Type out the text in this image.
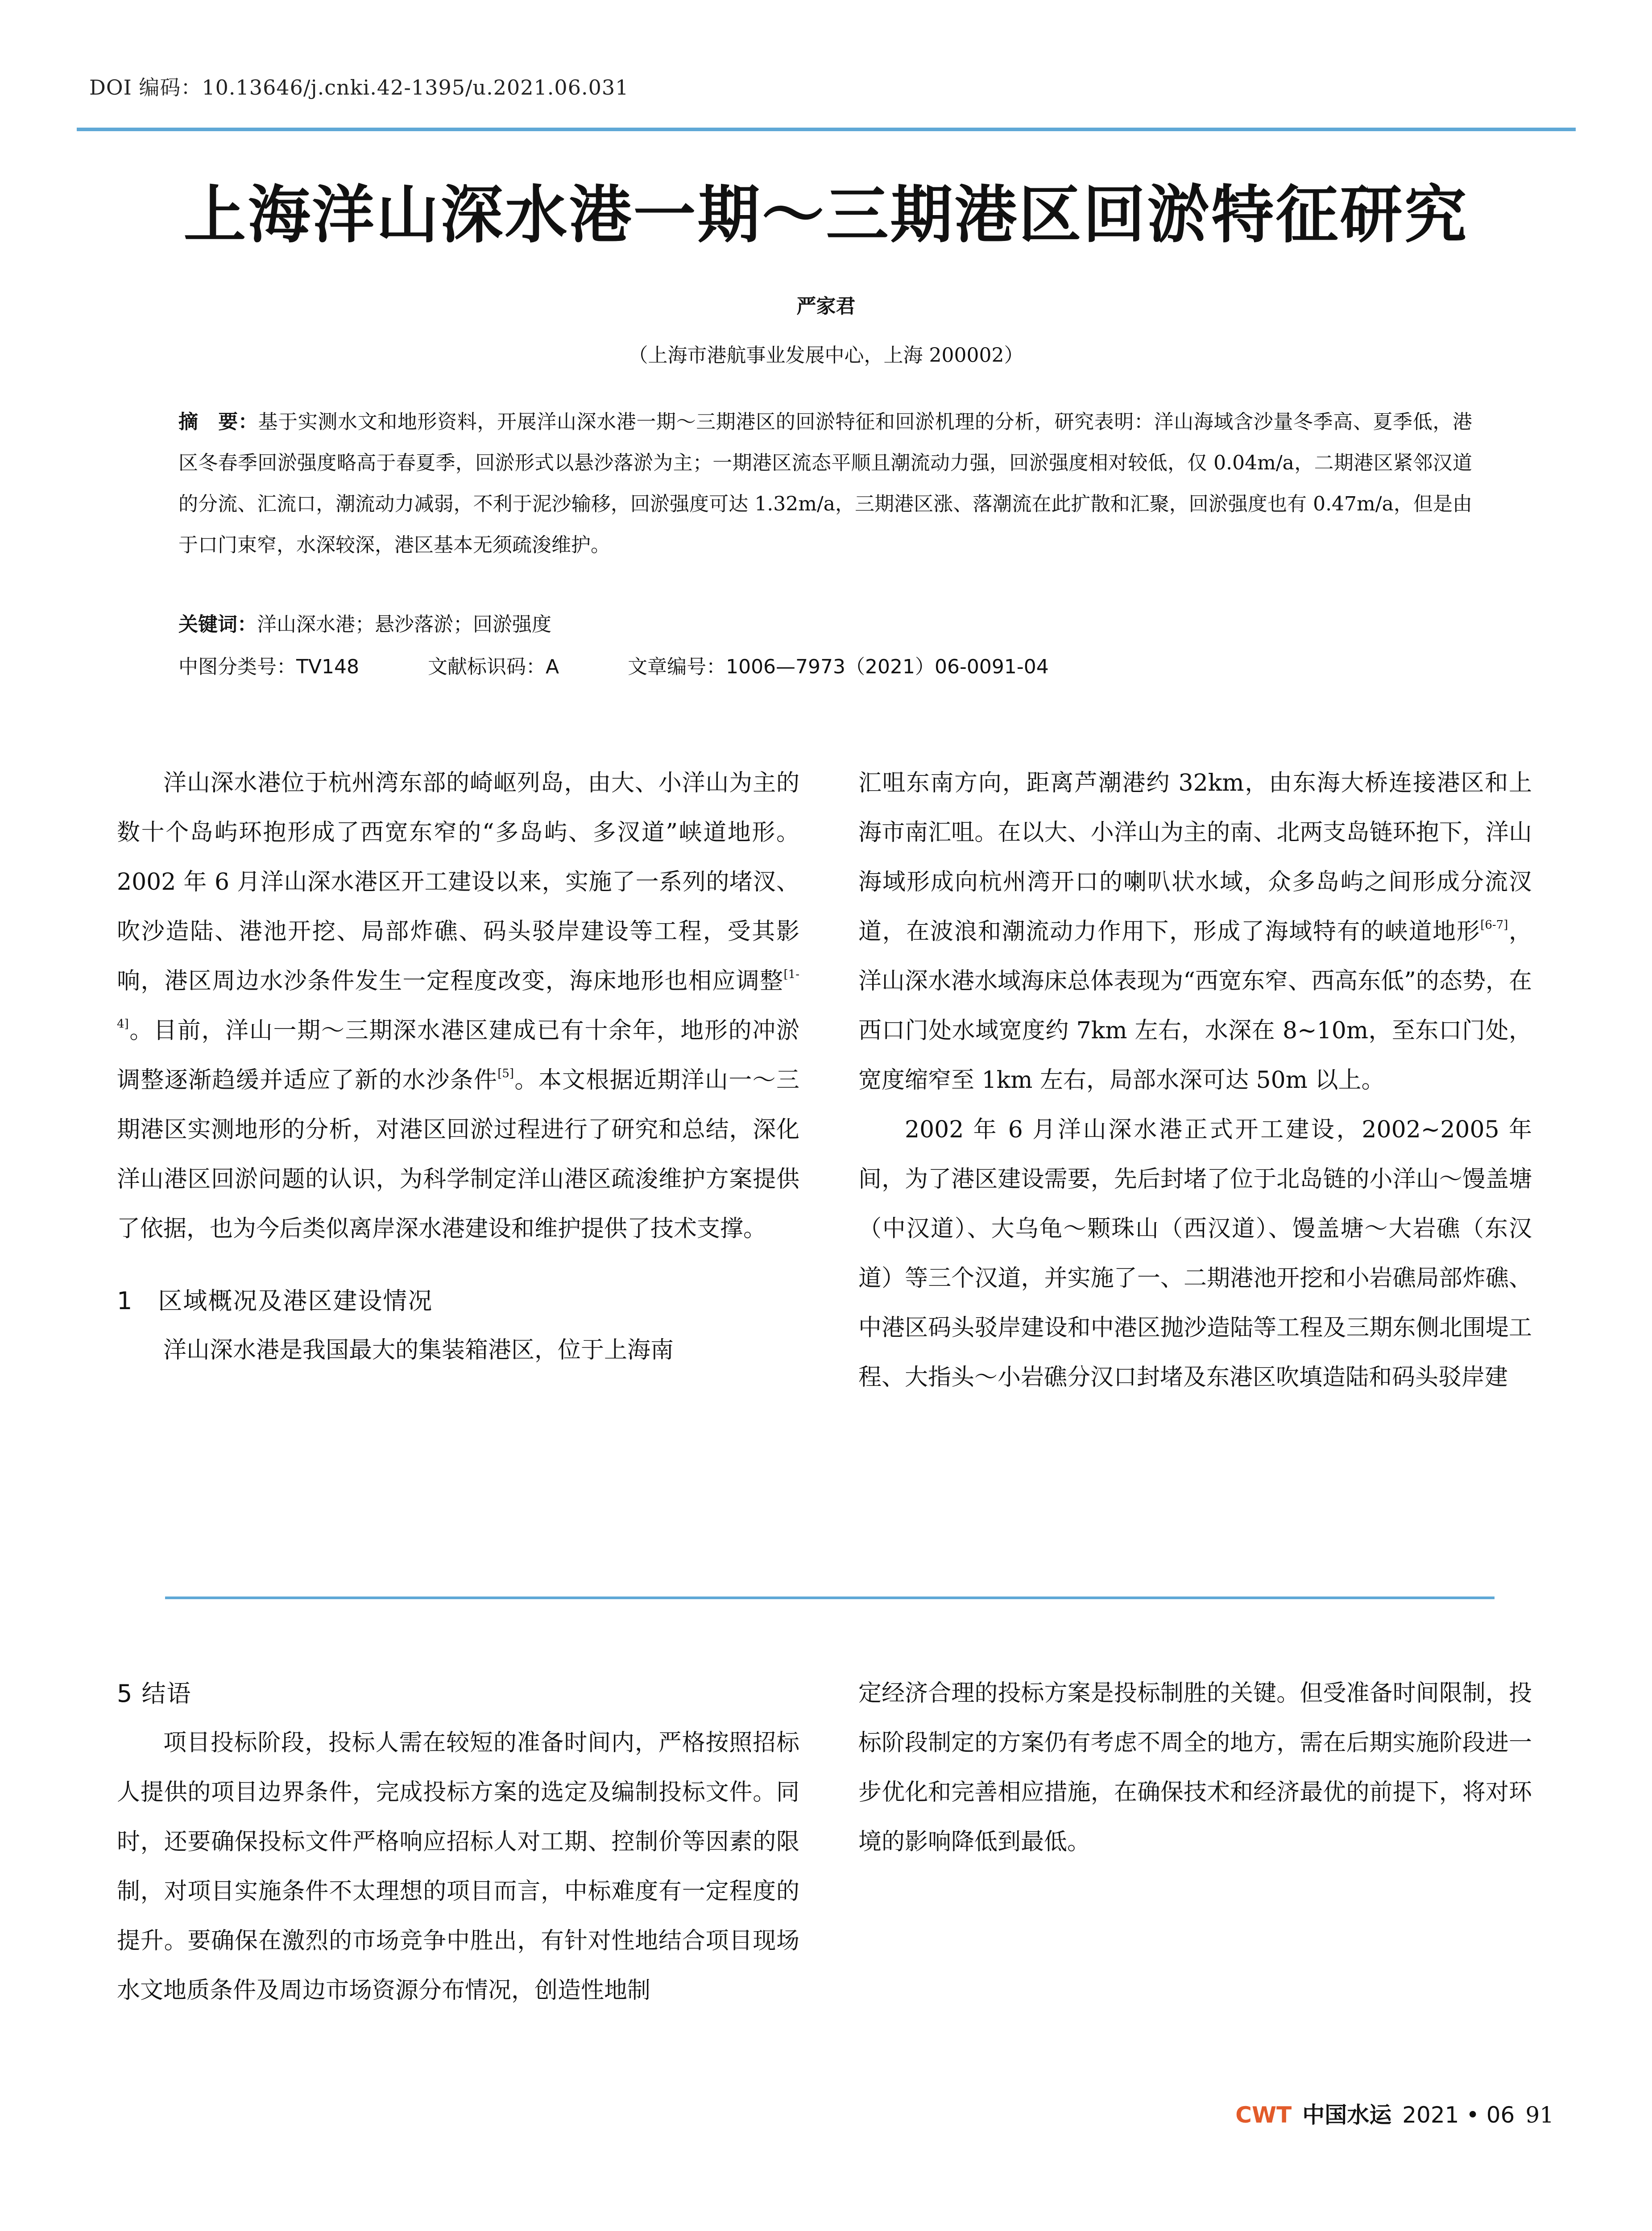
DOI 编码：10.13646/j.cnki.42-1395/u.2021.06.031
上海洋山深水港一期～三期港区回淤特征研究
严家君
（上海市港航事业发展中心，上海 200002）
摘　要：基于实测水文和地形资料，开展洋山深水港一期～三期港区的回淤特征和回淤机理的分析，研究表明：洋山海域含沙量冬季高、夏季低，港区冬春季回淤强度略高于春夏季，回淤形式以悬沙落淤为主；一期港区流态平顺且潮流动力强，回淤强度相对较低，仅 0.04m/a，二期港区紧邻汉道的分流、汇流口，潮流动力减弱，不利于泥沙输移，回淤强度可达 1.32m/a，三期港区涨、落潮流在此扩散和汇聚，回淤强度也有 0.47m/a，但是由于口门束窄，水深较深，港区基本无须疏浚维护。
关键词：洋山深水港；悬沙落淤；回淤强度
中图分类号：TV148	文献标识码：A	文章编号：1006—7973（2021）06-0091-04

洋山深水港位于杭州湾东部的崎岖列岛，由大、小洋山为主的数十个岛屿环抱形成了西宽东窄的“多岛屿、多汊道”峡道地形。2002 年 6 月洋山深水港区开工建设以来，实施了一系列的堵汊、吹沙造陆、港池开挖、局部炸礁、码头驳岸建设等工程，受其影响，港区周边水沙条件发生一定程度改变，海床地形也相应调整[1-4]。目前，洋山一期～三期深水港区建成已有十余年，地形的冲淤调整逐渐趋缓并适应了新的水沙条件[5]。本文根据近期洋山一～三期港区实测地形的分析，对港区回淤过程进行了研究和总结，深化洋山港区回淤问题的认识，为科学制定洋山港区疏浚维护方案提供了依据，也为今后类似离岸深水港建设和维护提供了技术支撑。

1　区域概况及港区建设情况

洋山深水港是我国最大的集装箱港区，位于上海南

汇咀东南方向，距离芦潮港约 32km，由东海大桥连接港区和上海市南汇咀。在以大、小洋山为主的南、北两支岛链环抱下，洋山海域形成向杭州湾开口的喇叭状水域，众多岛屿之间形成分流汊道，在波浪和潮流动力作用下，形成了海域特有的峡道地形[6-7]，洋山深水港水域海床总体表现为“西宽东窄、西高东低”的态势，在西口门处水域宽度约 7km 左右，水深在 8~10m，至东口门处，宽度缩窄至 1km 左右，局部水深可达 50m 以上。

2002 年 6 月洋山深水港正式开工建设，2002~2005 年间，为了港区建设需要，先后封堵了位于北岛链的小洋山～馒盖塘（中汉道）、大乌龟～颗珠山（西汉道）、馒盖塘～大岩礁（东汉道）等三个汉道，并实施了一、二期港池开挖和小岩礁局部炸礁、中港区码头驳岸建设和中港区抛沙造陆等工程及三期东侧北围堤工程、大指头～小岩礁分汉口封堵及东港区吹填造陆和码头驳岸建

5 结语

项目投标阶段，投标人需在较短的准备时间内，严格按照招标人提供的项目边界条件，完成投标方案的选定及编制投标文件。同时，还要确保投标文件严格响应招标人对工期、控制价等因素的限制，对项目实施条件不太理想的项目而言，中标难度有一定程度的提升。要确保在激烈的市场竞争中胜出，有针对性地结合项目现场水文地质条件及周边市场资源分布情况，创造性地制

定经济合理的投标方案是投标制胜的关键。但受准备时间限制，投标阶段制定的方案仍有考虑不周全的地方，需在后期实施阶段进一步优化和完善相应措施，在确保技术和经济最优的前提下，将对环境的影响降低到最低。

CWT 中国水运 2021 • 06 91
